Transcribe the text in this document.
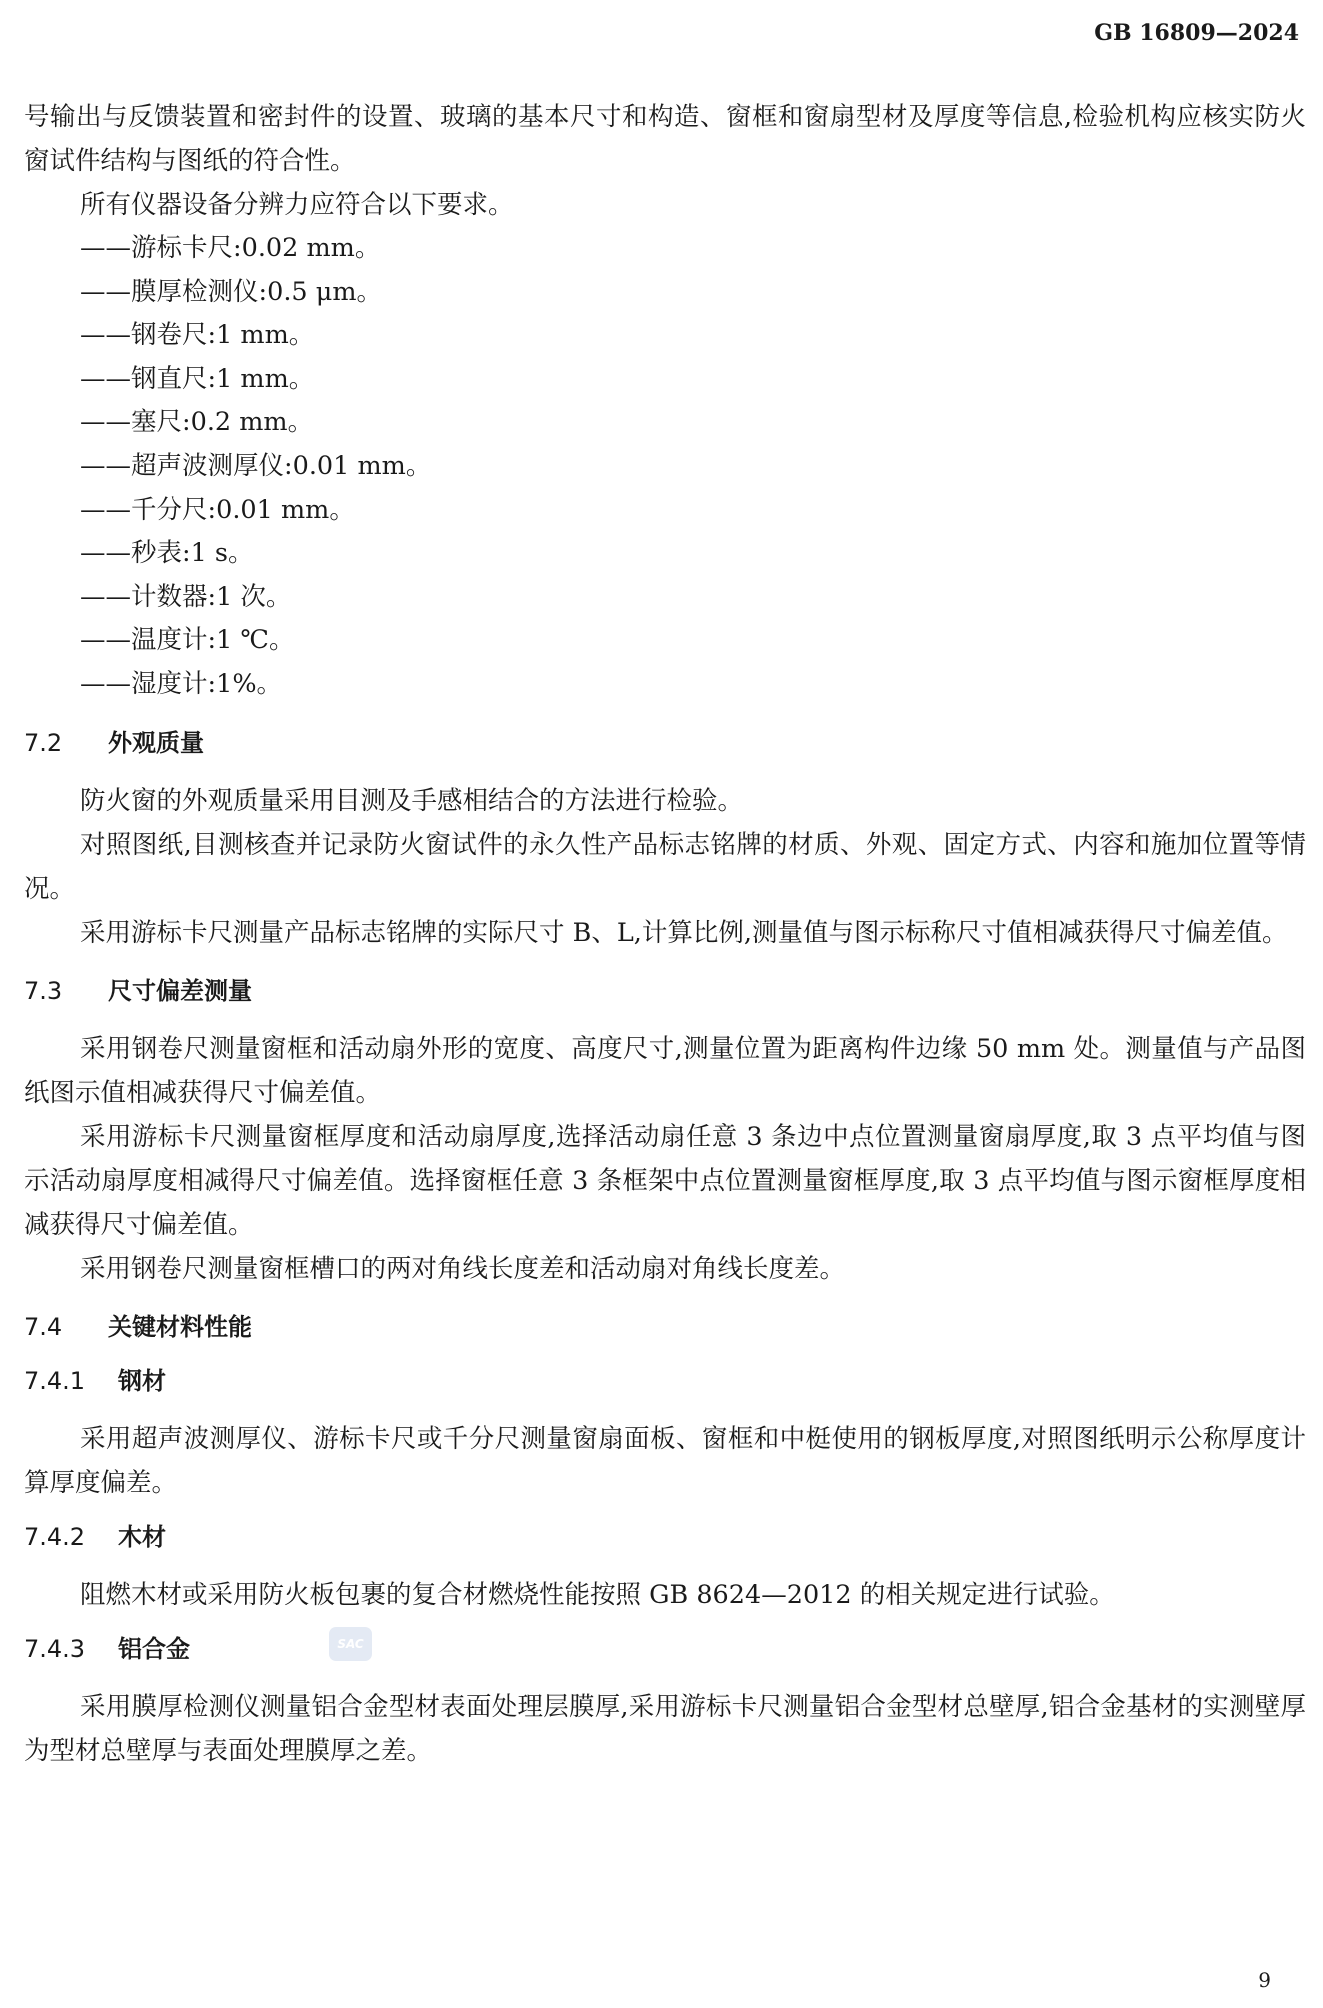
GB 16809—2024

号输出与反馈装置和密封件的设置、玻璃的基本尺寸和构造、窗框和窗扇型材及厚度等信息,检验机构应核实防火窗试件结构与图纸的符合性。

所有仪器设备分辨力应符合以下要求。

——游标卡尺:0.02 mm。
——膜厚检测仪:0.5 μm。
——钢卷尺:1 mm。
——钢直尺:1 mm。
——塞尺:0.2 mm。
——超声波测厚仪:0.01 mm。
——千分尺:0.01 mm。
——秒表:1 s。
——计数器:1 次。
——温度计:1 ℃。
——湿度计:1%。
7.2 外观质量

防火窗的外观质量采用目测及手感相结合的方法进行检验。

对照图纸,目测核查并记录防火窗试件的永久性产品标志铭牌的材质、外观、固定方式、内容和施加位置等情况。

采用游标卡尺测量产品标志铭牌的实际尺寸 B、L,计算比例,测量值与图示标称尺寸值相减获得尺寸偏差值。

7.3 尺寸偏差测量

采用钢卷尺测量窗框和活动扇外形的宽度、高度尺寸,测量位置为距离构件边缘 50 mm 处。测量值与产品图纸图示值相减获得尺寸偏差值。

采用游标卡尺测量窗框厚度和活动扇厚度,选择活动扇任意 3 条边中点位置测量窗扇厚度,取 3 点平均值与图示活动扇厚度相减得尺寸偏差值。选择窗框任意 3 条框架中点位置测量窗框厚度,取 3 点平均值与图示窗框厚度相减获得尺寸偏差值。

采用钢卷尺测量窗框槽口的两对角线长度差和活动扇对角线长度差。

7.4 关键材料性能
7.4.1 钢材

采用超声波测厚仪、游标卡尺或千分尺测量窗扇面板、窗框和中梃使用的钢板厚度,对照图纸明示公称厚度计算厚度偏差。

7.4.2 木材

阻燃木材或采用防火板包裹的复合材燃烧性能按照 GB 8624—2012 的相关规定进行试验。

7.4.3 铝合金

采用膜厚检测仪测量铝合金型材表面处理层膜厚,采用游标卡尺测量铝合金型材总壁厚,铝合金基材的实测壁厚为型材总壁厚与表面处理膜厚之差。

SAC
9
